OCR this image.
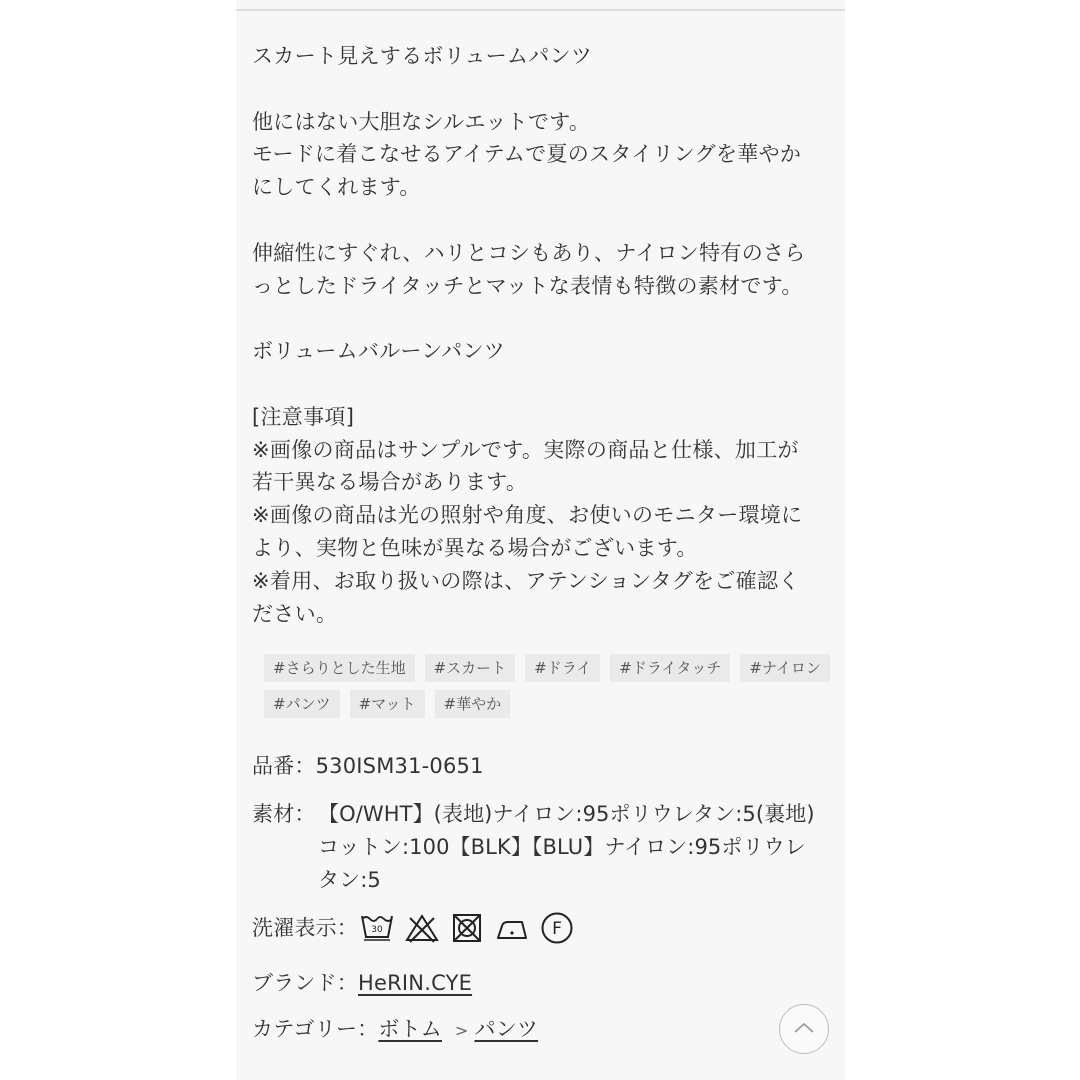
スカート見えするボリュームパンツ

他にはない大胆なシルエットです。

モードに着こなせるアイテムで夏のスタイリングを華やか

にしてくれます。

伸縮性にすぐれ、ハリとコシもあり、ナイロン特有のさら

っとしたドライタッチとマットな表情も特徴の素材です。

ボリュームバルーンパンツ

[注意事項]

※画像の商品はサンプルです。実際の商品と仕様、加工が

若干異なる場合があります。

※画像の商品は光の照射や角度、お使いのモニター環境に

より、実物と色味が異なる場合がございます。

※着用、お取り扱いの際は、アテンションタグをご確認く

ださい。

#さらりとした生地	#スカート	#ドライ	#ドライタッチ	#ナイロン
#パンツ	#マット	#華やか
品番：530ISM31-0651
素材： 【O/WHT】(表地)ナイロン:95ポリウレタン:5(裏地)
コットン:100【BLK】【BLU】ナイロン:95ポリウレ
タン:5
洗濯表示： 30	F
ブランド：HeRIN.CYE
カテゴリー：ボトム > パンツ
